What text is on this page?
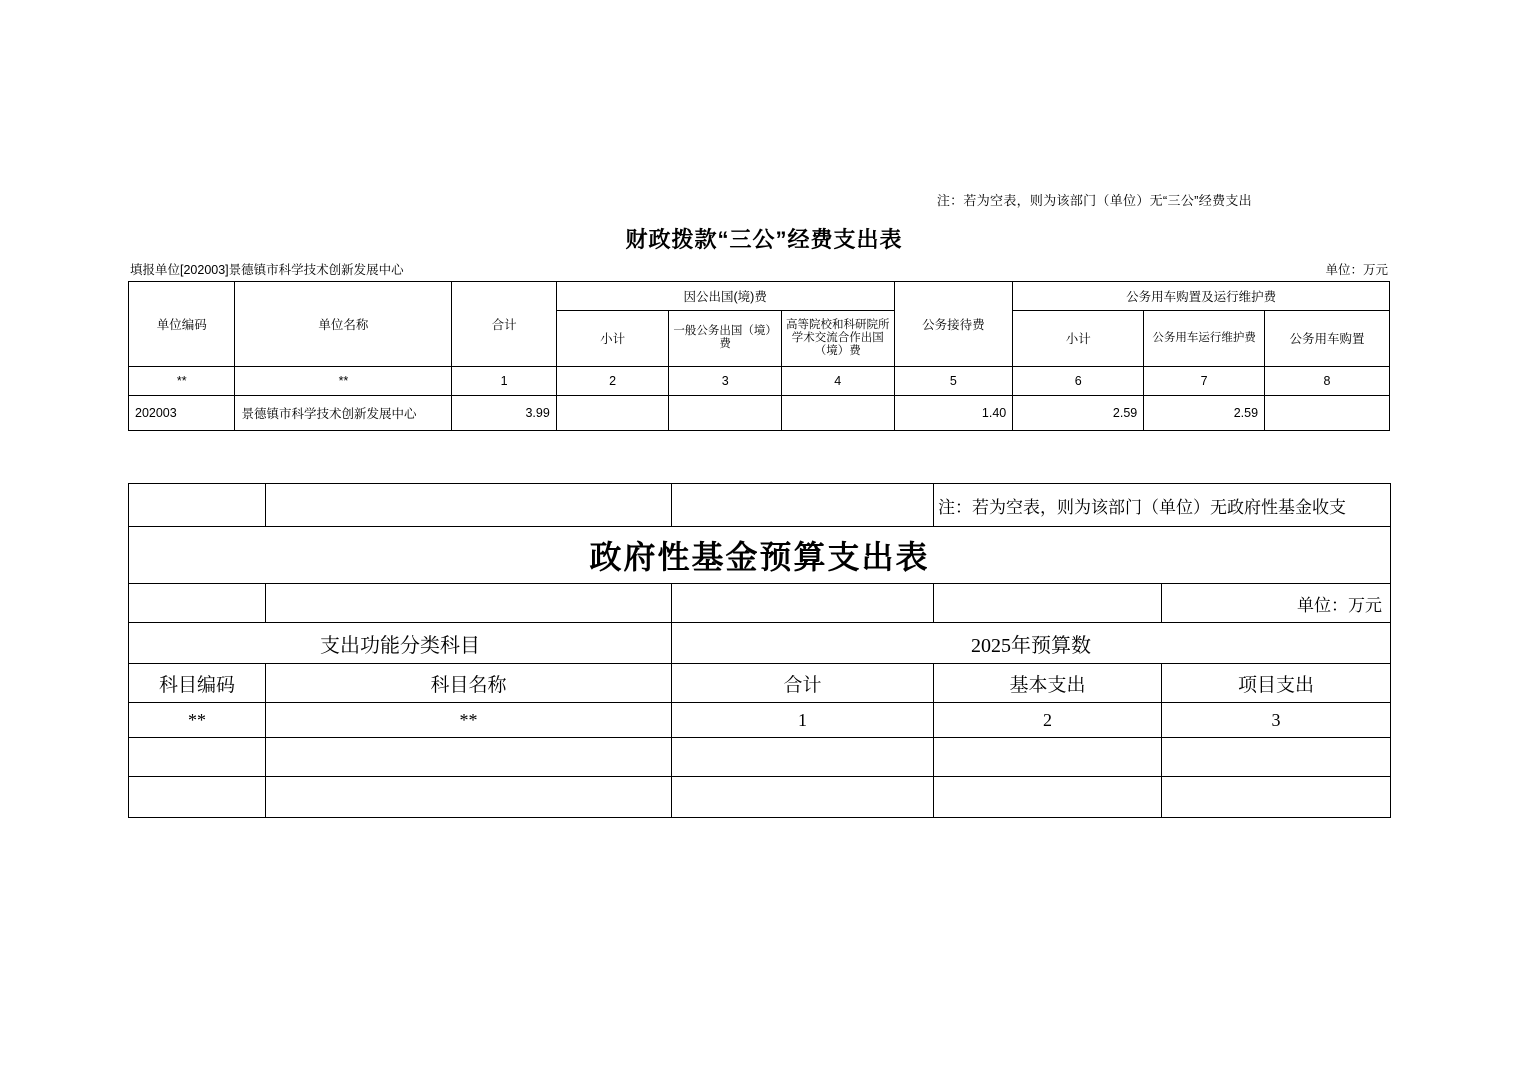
注：若为空表，则为该部门（单位）无“三公”经费支出
财政拨款“三公”经费支出表
填报单位[202003]景德镇市科学技术创新发展中心	单位：万元
单位编码	单位名称	合计	因公出国(境)费			公务接待费	公务用车购置及运行维护费		
			小计	一般公务出国（境）费	高等院校和科研院所学术交流合作出国（境）费		小计	公务用车运行维护费	公务用车购置
**	**	1	2	3	4	5	6	7	8
202003	景德镇市科学技术创新发展中心	3.99				1.40	2.59	2.59	
			注：若为空表，则为该部门（单位）无政府性基金收支	
政府性基金预算支出表				
				单位：万元
支出功能分类科目		2025年预算数		
科目编码	科目名称	合计	基本支出	项目支出
**	**	1	2	3
